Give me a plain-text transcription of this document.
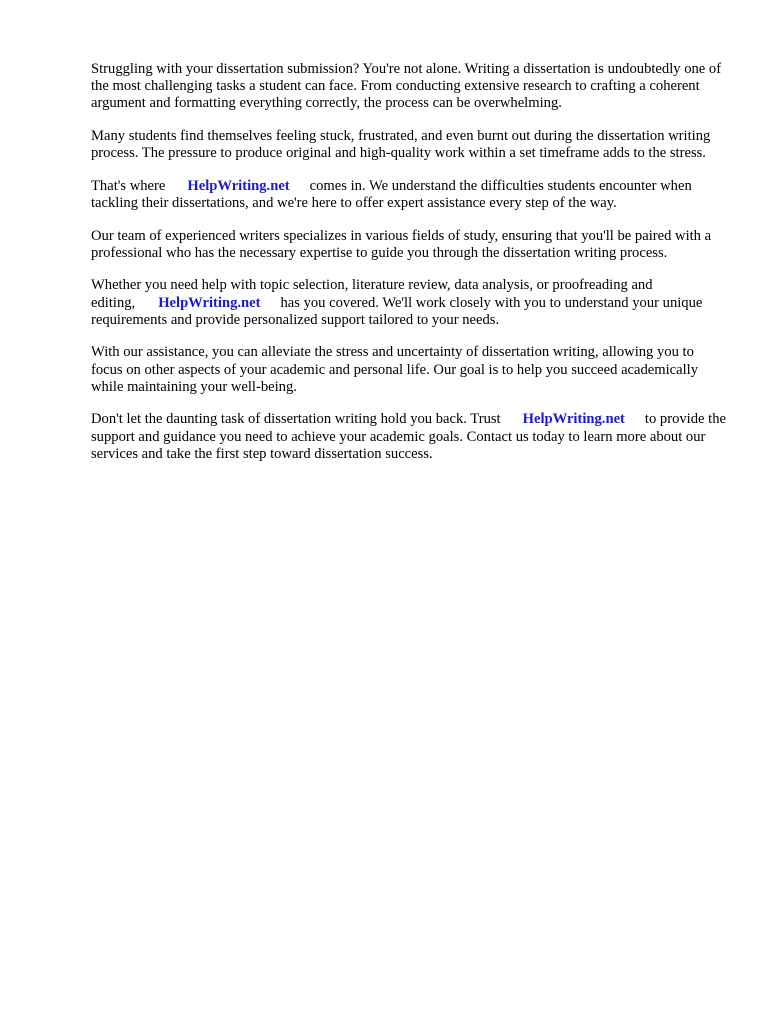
Struggling with your dissertation submission? You're not alone. Writing a dissertation is undoubtedly one of the most challenging tasks a student can face. From conducting extensive research to crafting a coherent argument and formatting everything correctly, the process can be overwhelming.

Many students find themselves feeling stuck, frustrated, and even burnt out during the dissertation writing process. The pressure to produce original and high-quality work within a set timeframe adds to the stress.

That's where HelpWriting.net comes in. We understand the difficulties students encounter when tackling their dissertations, and we're here to offer expert assistance every step of the way.

Our team of experienced writers specializes in various fields of study, ensuring that you'll be paired with a professional who has the necessary expertise to guide you through the dissertation writing process.

Whether you need help with topic selection, literature review, data analysis, or proofreading and editing, HelpWriting.net has you covered. We'll work closely with you to understand your unique requirements and provide personalized support tailored to your needs.

With our assistance, you can alleviate the stress and uncertainty of dissertation writing, allowing you to focus on other aspects of your academic and personal life. Our goal is to help you succeed academically while maintaining your well-being.

Don't let the daunting task of dissertation writing hold you back. Trust HelpWriting.net to provide the support and guidance you need to achieve your academic goals. Contact us today to learn more about our services and take the first step toward dissertation success.
